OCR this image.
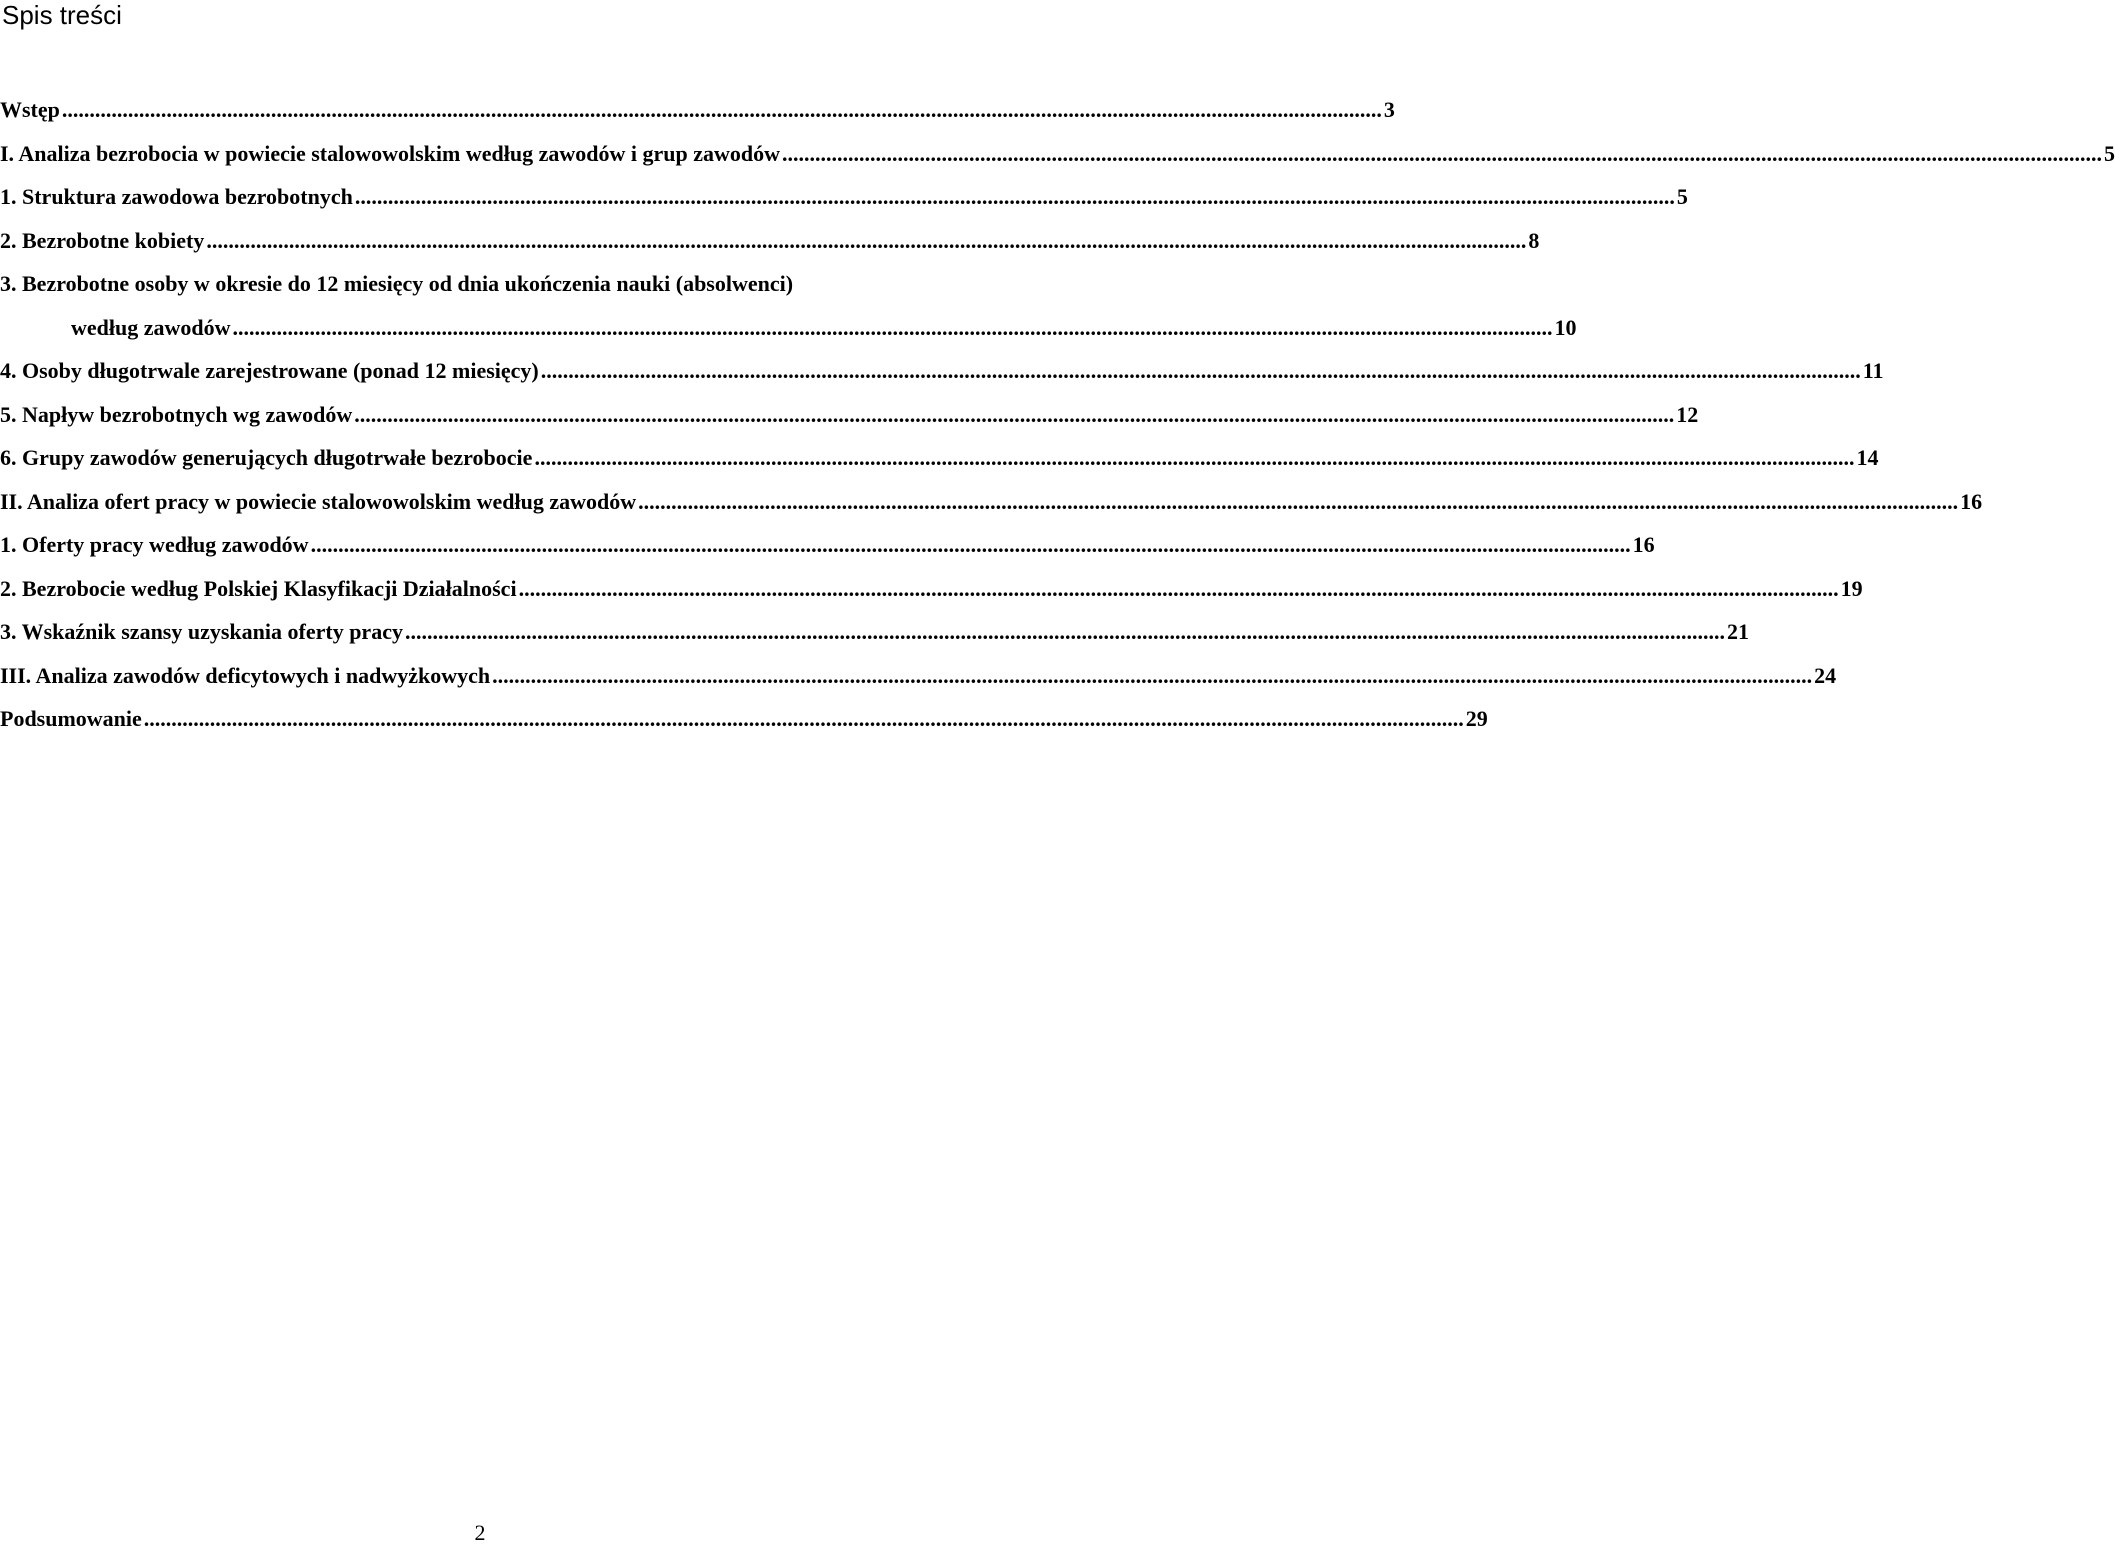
Spis treści
Wstęp .....	3
I. Analiza bezrobocia w powiecie stalowowolskim według zawodów i grup zawodów .....	5
1. Struktura zawodowa bezrobotnych .....	5
2. Bezrobotne kobiety .....	8
3. Bezrobotne osoby w okresie do 12 miesięcy od dnia ukończenia nauki (absolwenci)
według zawodów .....	10
4. Osoby długotrwale zarejestrowane (ponad 12 miesięcy) .....	11
5. Napływ bezrobotnych wg zawodów .....	12
6. Grupy zawodów generujących długotrwałe bezrobocie .....	14
II. Analiza ofert pracy w powiecie stalowowolskim według zawodów .....	16
1. Oferty pracy według zawodów .....	16
2. Bezrobocie według Polskiej Klasyfikacji Działalności .....	19
3. Wskaźnik szansy uzyskania oferty pracy .....	21
III. Analiza zawodów deficytowych i nadwyżkowych .....	24
Podsumowanie .....	29
2
